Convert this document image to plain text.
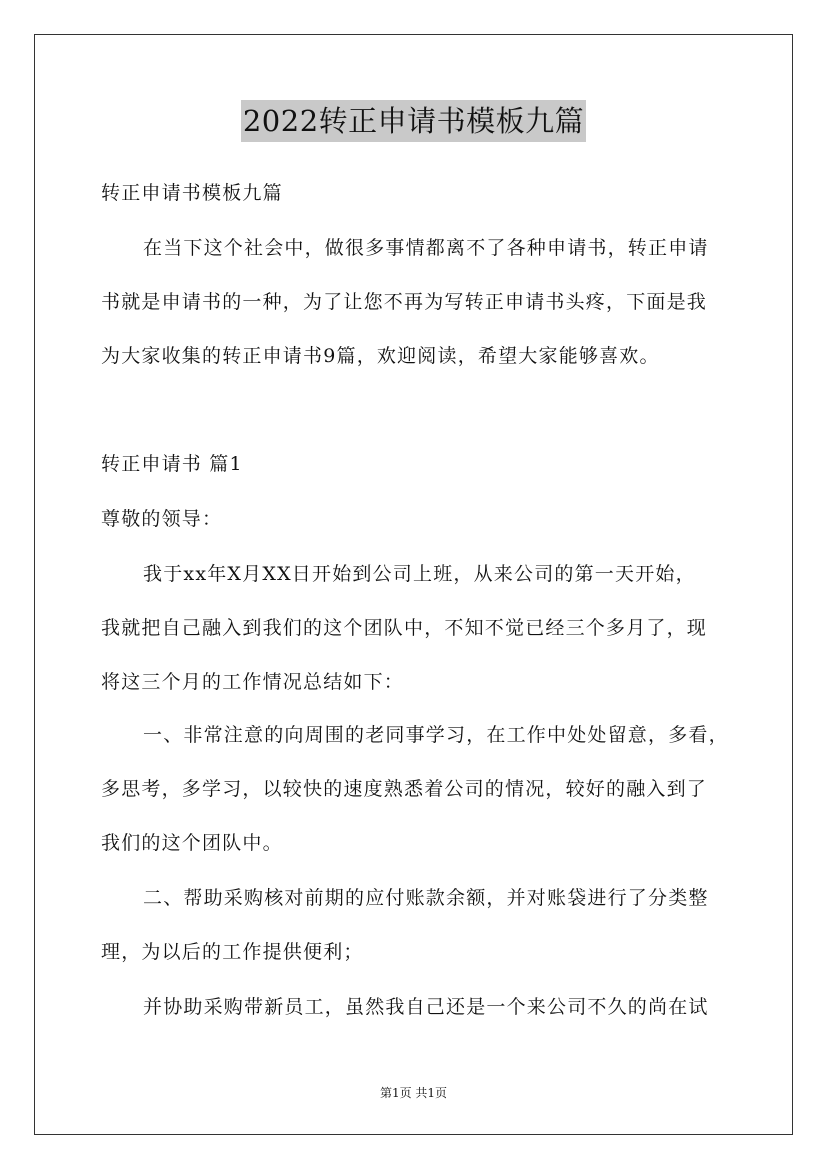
2022转正申请书模板九篇
转正申请书模板九篇
在当下这个社会中，做很多事情都离不了各种申请书，转正申请
书就是申请书的一种，为了让您不再为写转正申请书头疼，下面是我
为大家收集的转正申请书9篇，欢迎阅读，希望大家能够喜欢。
转正申请书 篇1
尊敬的领导：
我于xx年X月XX日开始到公司上班，从来公司的第一天开始，
我就把自己融入到我们的这个团队中，不知不觉已经三个多月了，现
将这三个月的工作情况总结如下：
一、非常注意的向周围的老同事学习，在工作中处处留意，多看，
多思考，多学习，以较快的速度熟悉着公司的情况，较好的融入到了
我们的这个团队中。
二、帮助采购核对前期的应付账款余额，并对账袋进行了分类整
理，为以后的工作提供便利；
并协助采购带新员工，虽然我自己还是一个来公司不久的尚在试
第1页 共1页
